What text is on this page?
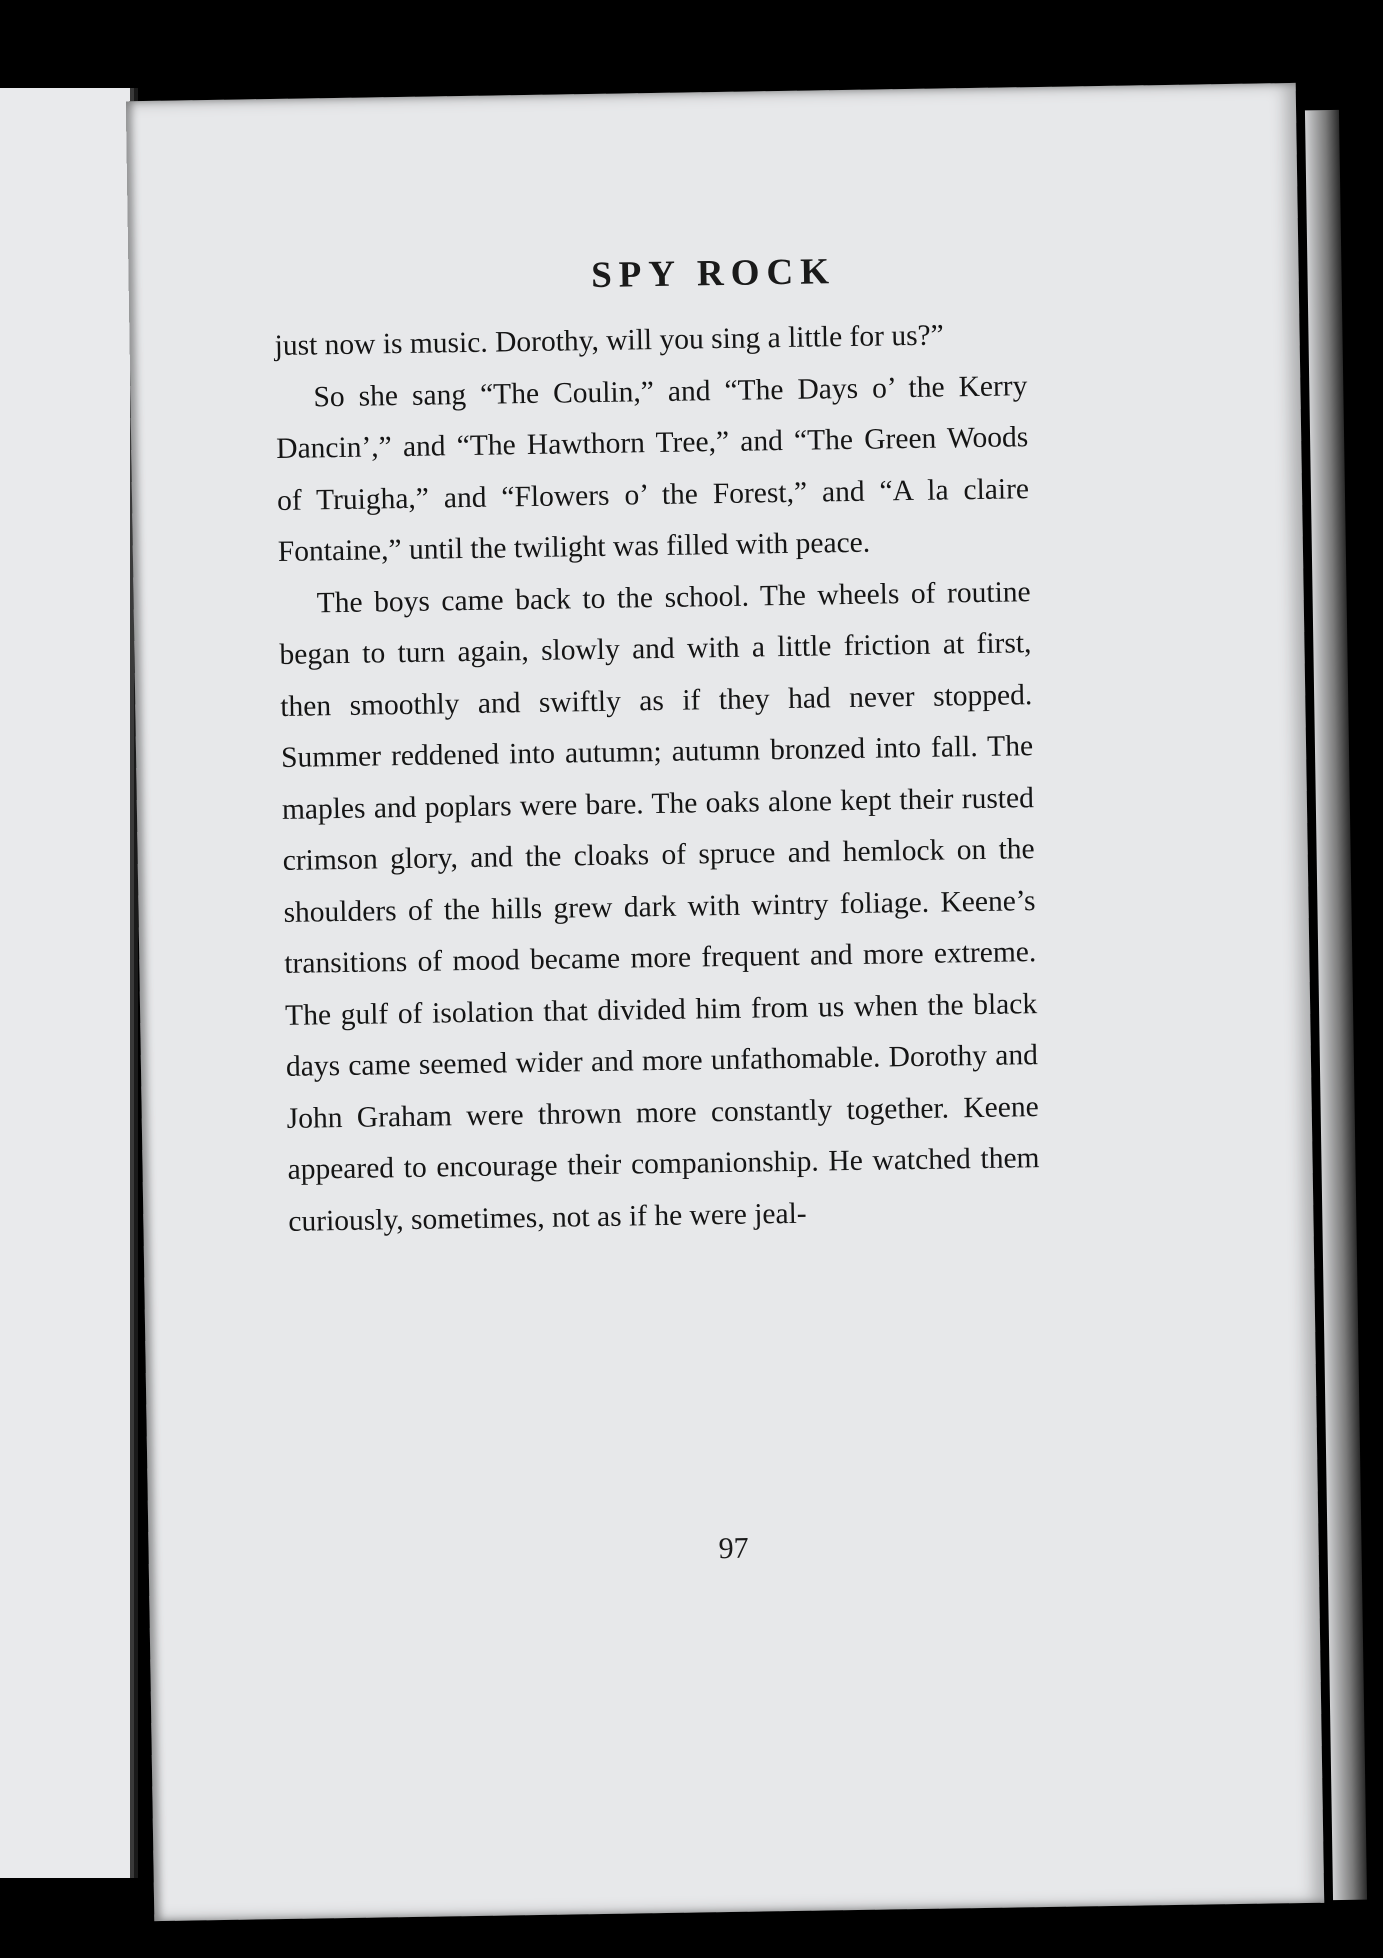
SPY ROCK

just now is music. Dorothy, will you sing a little for us?”

So she sang “The Coulin,” and “The Days o’ the Kerry Dancin’,” and “The Hawthorn Tree,” and “The Green Woods of Truigha,” and “Flowers o’ the Forest,” and “A la claire Fontaine,” until the twilight was filled with peace.

The boys came back to the school. The wheels of routine began to turn again, slowly and with a little friction at first, then smoothly and swiftly as if they had never stopped. Summer reddened into autumn; autumn bronzed into fall. The maples and poplars were bare. The oaks alone kept their rusted crimson glory, and the cloaks of spruce and hemlock on the shoulders of the hills grew dark with wintry foliage. Keene’s transitions of mood became more frequent and more extreme. The gulf of isolation that divided him from us when the black days came seemed wider and more unfathomable. Dorothy and John Graham were thrown more constantly together. Keene appeared to encourage their companionship. He watched them curiously, sometimes, not as if he were jeal-

97
